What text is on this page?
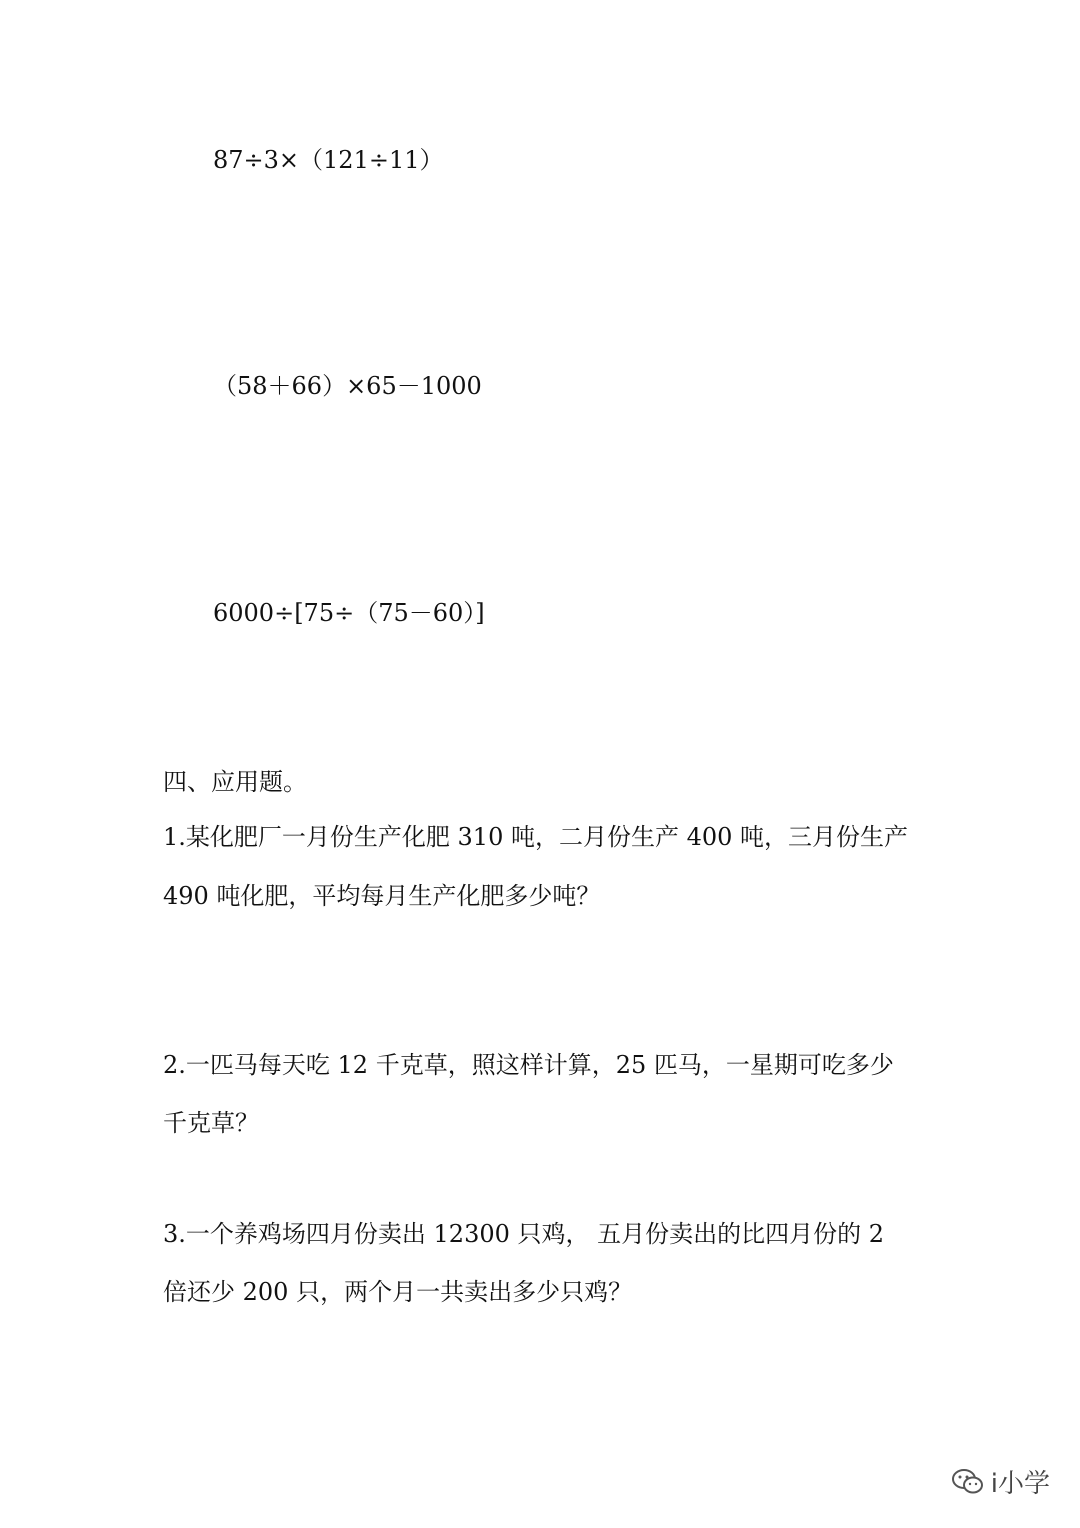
87÷3×（121÷11）
（58＋66）×65－1000
6000÷[75÷（75－60）]
四、应用题。
1.某化肥厂一月份生产化肥 310 吨，二月份生产 400 吨，三月份生产
490 吨化肥，平均每月生产化肥多少吨？
2.一匹马每天吃 12 千克草，照这样计算，25 匹马，一星期可吃多少
千克草？
3.一个养鸡场四月份卖出 12300 只鸡， 五月份卖出的比四月份的 2
倍还少 200 只，两个月一共卖出多少只鸡？
i小学
